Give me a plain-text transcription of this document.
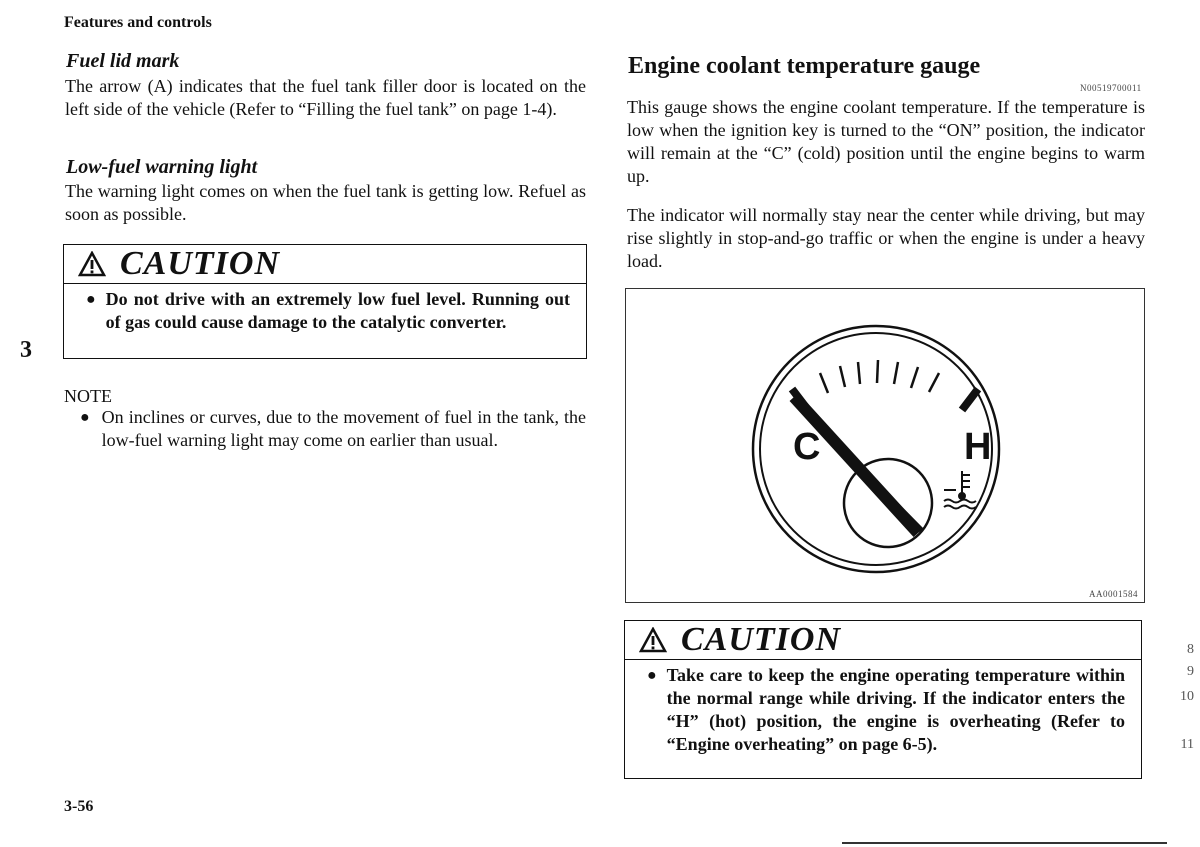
Features and controls
3
Fuel lid mark
The arrow (A) indicates that the fuel tank filler door is located on the left side of the vehicle (Refer to “Filling the fuel tank” on page 1-4).
Low-fuel warning light
The warning light comes on when the fuel tank is getting low. Refuel as soon as possible.
CAUTION
● Do not drive with an extremely low fuel level. Running out of gas could cause damage to the catalytic converter.
NOTE
● On inclines or curves, due to the movement of fuel in the tank, the low-fuel warning light may come on earlier than usual.
Engine coolant temperature gauge
N00519700011
This gauge shows the engine coolant temperature. If the temperature is low when the ignition key is turned to the “ON” position, the indicator will remain at the “C” (cold) position until the engine begins to warm up.
The indicator will normally stay near the center while driving, but may rise slightly in stop-and-go traffic or when the engine is under a heavy load.
C	H
AA0001584
CAUTION
● Take care to keep the engine operating temperature within the normal range while driving. If the indicator enters the “H” (hot) position, the engine is overheating (Refer to “Engine overheating” on page 6-5).
3-56
8
9
10
11
